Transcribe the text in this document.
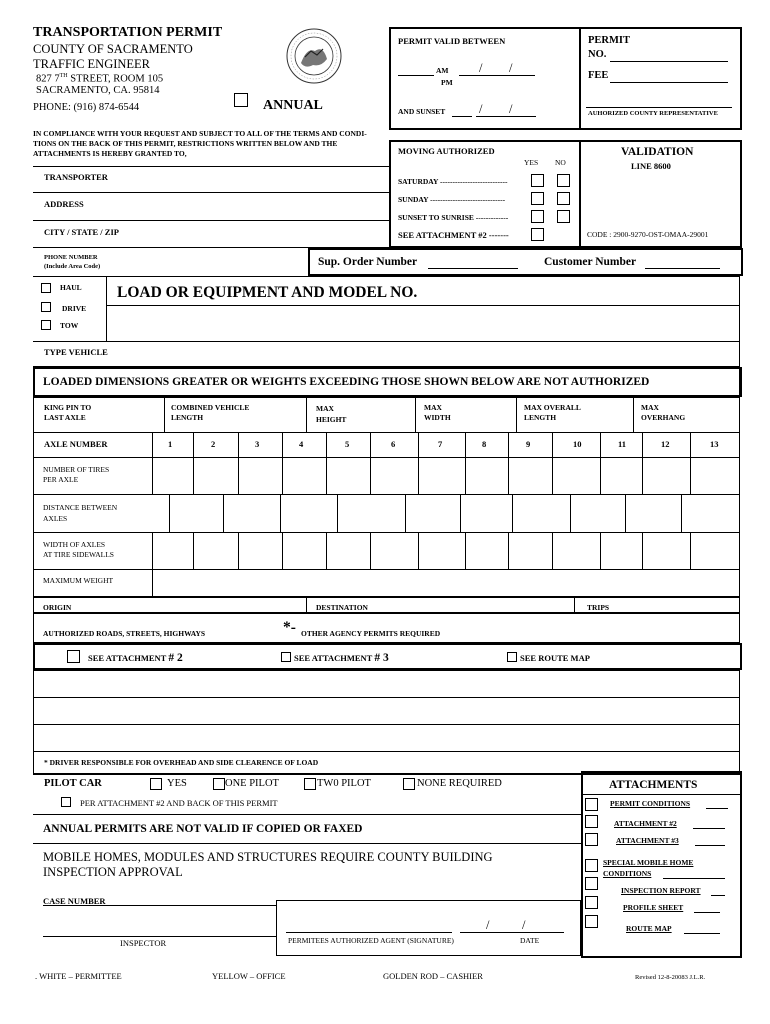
TRANSPORTATION PERMIT
COUNTY OF SACRAMENTO
TRAFFIC ENGINEER
827 7TH STREET, ROOM 105
SACRAMENTO, CA. 95814
PHONE: (916) 874-6544	ANNUAL
IN COMPLIANCE WITH YOUR REQUEST AND SUBJECT TO ALL OF THE TERMS AND CONDI-
TIONS ON THE BACK OF THIS PERMIT, RESTRICTIONS WRITTEN BELOW AND THE
ATTACHMENTS IS HEREBY GRANTED TO,
PERMIT VALID BETWEEN
AM
PM
/ /
AND SUNSET	/ /
PERMIT
NO.
FEE
AUHORIZED COUNTY REPRESENTATIVE
MOVING AUTHORIZED
YES NO
SATURDAY ---------------------------
SUNDAY ------------------------------
SUNSET TO SUNRISE -------------
SEE ATTACHMENT #2 -------
VALIDATION
LINE 8600
CODE : 2900-9270-OST-OMAA-29001
TRANSPORTER
ADDRESS
CITY / STATE / ZIP
PHONE NUMBER
(Include Area Code)	Sup. Order Number	Customer Number
HAUL
DRIVE
TOW
LOAD OR EQUIPMENT AND MODEL NO.
TYPE VEHICLE
LOADED DIMENSIONS GREATER OR WEIGHTS EXCEEDING THOSE SHOWN BELOW ARE NOT AUTHORIZED
KING PIN TO
LAST AXLE
COMBINED VEHICLE
LENGTH
MAX
HEIGHT
MAX
WIDTH
MAX OVERALL
LENGTH
MAX
OVERHANG
AXLE NUMBER	1	2	3	4	5	6	7	8	9	10	11	12	13
NUMBER OF TIRES
PER AXLE
DISTANCE BETWEEN
AXLES
WIDTH OF AXLES
AT TIRE SIDEWALLS
MAXIMUM WEIGHT
ORIGIN	DESTINATION	TRIPS
AUTHORIZED ROADS, STREETS, HIGHWAYS	*- OTHER AGENCY PERMITS REQUIRED
SEE ATTACHMENT # 2	SEE ATTACHMENT # 3	SEE ROUTE MAP
* DRIVER RESPONSIBLE FOR OVERHEAD AND SIDE CLEARENCE OF LOAD
PILOT CAR	YES	ONE PILOT	TW0 PILOT	NONE REQUIRED
PER ATTACHMENT #2 AND BACK OF THIS PERMIT
ANNUAL PERMITS ARE NOT VALID IF COPIED OR FAXED
MOBILE HOMES, MODULES AND STRUCTURES REQUIRE COUNTY BUILDING
INSPECTION APPROVAL
CASE NUMBER
INSPECTOR
/	/
PERMITEES AUTHORIZED AGENT (SIGNATURE)	DATE
ATTACHMENTS
PERMIT CONDITIONS
ATTACHMENT #2
ATTACHMENT #3
SPECIAL MOBILE HOME
CONDITIONS
INSPECTION REPORT
PROFILE SHEET
ROUTE MAP
. WHITE – PERMITTEE	YELLOW – OFFICE	GOLDEN ROD – CASHIER	Revised 12-8-20083 J.L.R.
